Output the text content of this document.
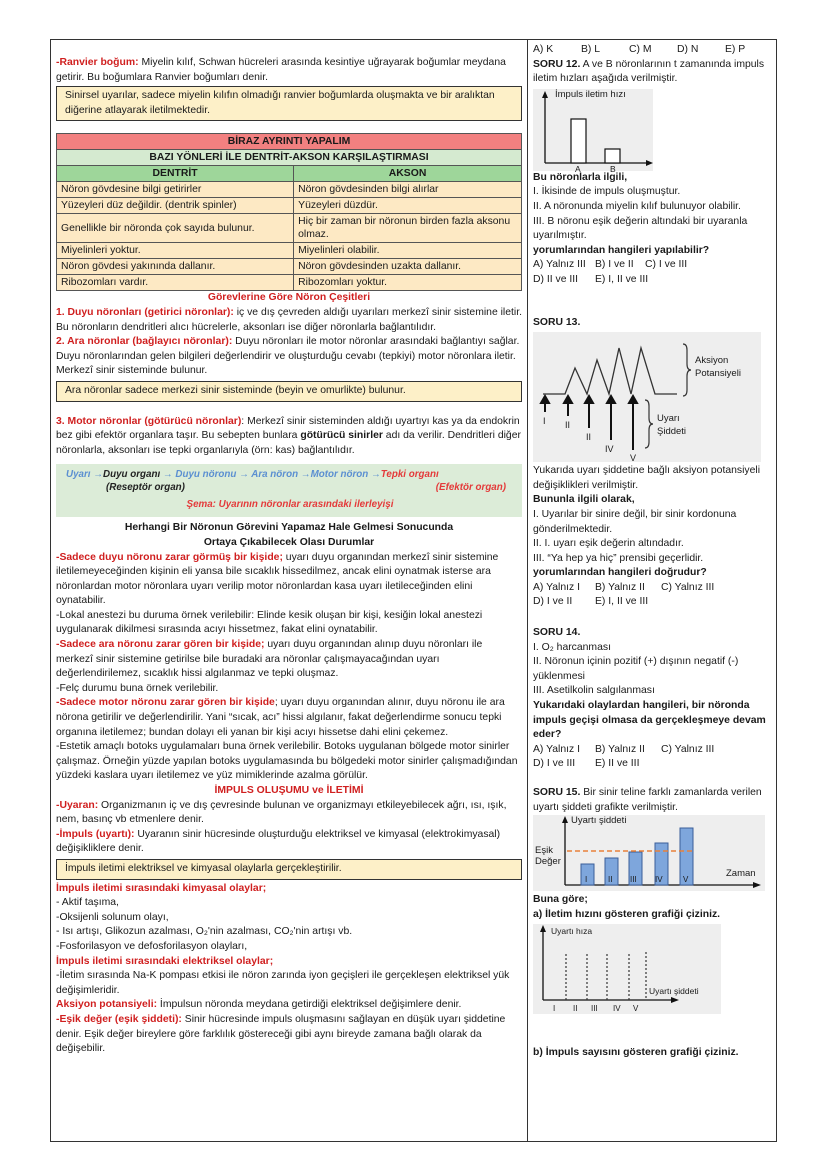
-Ranvier boğum: Miyelin kılıf, Schwan hücreleri arasında kesintiye uğrayarak boğumlar meydana getirir. Bu boğumlara Ranvier boğumları denir.

Sinirsel uyarılar, sadece miyelin kılıfın olmadığı ranvier boğumlarda oluşmakta ve bir aralıktan diğerine atlayarak iletilmektedir.
BİRAZ AYRINTI YAPALIM	
BAZI YÖNLERİ İLE DENTRİT-AKSON KARŞILAŞTIRMASI	
DENTRİT	AKSON
Nöron gövdesine bilgi getirirler	Nöron gövdesinden bilgi alırlar
Yüzeyleri düz değildir. (dentrik spinler)	Yüzeyleri düzdür.
Genellikle bir nöronda çok sayıda bulunur.	Hiç bir zaman bir nöronun birden fazla aksonu olmaz.
Miyelinleri yoktur.	Miyelinleri olabilir.
Nöron gövdesi yakınında dallanır.	Nöron gövdesinden uzakta dallanır.
Ribozomları vardır.	Ribozomları yoktur.

Görevlerine Göre Nöron Çeşitleri

1. Duyu nöronları (getirici nöronlar): iç ve dış çevreden aldığı uyarıları merkezî sinir sistemine iletir. Bu nöronların dendritleri alıcı hücrelerle, aksonları ise diğer nöronlarla bağlantılıdır.

2. Ara nöronlar (bağlayıcı nöronlar): Duyu nöronları ile motor nöronlar arasındaki bağlantıyı sağlar. Duyu nöronlarından gelen bilgileri değerlendirir ve oluşturduğu cevabı (tepkiyi) motor nöronlara iletir. Merkezî sinir sisteminde bulunur.

Ara nöronlar sadece merkezi sinir sisteminde (beyin ve omurlikte) bulunur.

3. Motor nöronlar (götürücü nöronlar): Merkezî sinir sisteminden aldığı uyartıyı kas ya da endokrin bez gibi efektör organlara taşır. Bu sebepten bunlara götürücü sinirler adı da verilir. Dendritleri diğer nöronlarla, aksonları ise tepki organlarıyla (örn: kas) bağlantılıdır.

Uyarı →Duyu organı → Duyu nöronu → Ara nöron →Motor nöron →Tepki organı
(Reseptör organ)	(Efektör organ)
Şema: Uyarının nöronlar arasındaki ilerleyişi

Herhangi Bir Nöronun Görevini Yapamaz Hale Gelmesi Sonucunda

Ortaya Çıkabilecek Olası Durumlar

-Sadece duyu nöronu zarar görmüş bir kişide; uyarı duyu organından merkezî sinir sistemine iletilemeyeceğinden kişinin eli yansa bile sıcaklık hissedilmez, ancak elini oynatmak isterse ara nöronlardan motor nöronlara uyarı verilip motor nöronlardan kasa uyarı iletileceğinden elini oynatabilir.

-Lokal anestezi bu duruma örnek verilebilir: Elinde kesik oluşan bir kişi, kesiğin lokal anestezi uygulanarak dikilmesi sırasında acıyı hissetmez, fakat elini oynatabilir.

-Sadece ara nöronu zarar gören bir kişide; uyarı duyu organından alınıp duyu nöronları ile merkezî sinir sistemine getirilse bile buradaki ara nöronlar çalışmayacağından uyarı değerlendirilemez, sıcaklık hissi algılanmaz ve tepki oluşmaz.

-Felç durumu buna örnek verilebilir.

-Sadece motor nöronu zarar gören bir kişide; uyarı duyu organından alınır, duyu nöronu ile ara nörona getirilir ve değerlendirilir. Yani “sıcak, acı” hissi algılanır, fakat değerlendirme sonucu tepki organına iletilemez; bundan dolayı eli yanan bir kişi acıyı hissetse dahi elini çekemez.

-Estetik amaçlı botoks uygulamaları buna örnek verilebilir. Botoks uygulanan bölgede motor sinirler çalışmaz. Örneğin yüzde yapılan botoks uygulamasında bu bölgedeki motor sinirler çalışmadığından yüzdeki kaslara uyarı iletilemez ve yüz mimiklerinde azalma görülür.

İMPULS OLUŞUMU ve İLETİMİ

-Uyaran: Organizmanın iç ve dış çevresinde bulunan ve organizmayı etkileyebilecek ağrı, ısı, ışık, nem, basınç vb etmenlere denir.

-İmpuls (uyartı): Uyaranın sinir hücresinde oluşturduğu elektriksel ve kimyasal (elektrokimyasal) değişikliklere denir.

İmpuls iletimi elektriksel ve kimyasal olaylarla gerçekleştirilir.

İmpuls iletimi sırasındaki kimyasal olaylar;

- Aktif taşıma,

-Oksijenli solunum olayı,

- Isı artışı, Glikozun azalması, O₂'nin azalması, CO₂'nin artışı vb.

-Fosforilasyon ve defosforilasyon olayları,

İmpuls iletimi sırasındaki elektriksel olaylar;

-İletim sırasında Na-K pompası etkisi ile nöron zarında iyon geçişleri ile gerçekleşen elektriksel yük değişimleridir.

Aksiyon potansiyeli: İmpulsun nöronda meydana getirdiği elektriksel değişimlere denir.

-Eşik değer (eşik şiddeti): Sinir hücresinde impuls oluşmasını sağlayan en düşük uyarı şiddetine denir. Eşik değer bireylere göre farklılık göstereceği gibi aynı bireyde zamana bağlı olarak da değişebilir.

A) K	B) L	C) M	D) N	E) P

SORU 12. A ve B nöronlarının t zamanında impuls iletim hızları aşağıda verilmiştir.

İmpuls iletim hızı
A	B

Bu nöronlarla ilgili,

I. İkisinde de impuls oluşmuştur.

II. A nöronunda miyelin kılıf bulunuyor olabilir.

III. B nöronu eşik değerin altındaki bir uyaranla uyarılmıştır.

yorumlarından hangileri yapılabilir?

A) Yalnız III B) I ve II C) I ve III
D) II ve III E) I, II ve III

SORU 13.

I II
II
IV
V
Aksiyon
Potansiyeli
Uyarı
Şiddeti

Yukarıda uyarı şiddetine bağlı aksiyon potansiyeli değişiklikleri verilmiştir.

Bununla ilgili olarak,

I. Uyarılar bir sinire değil, bir sinir kordonuna gönderilmektedir.

II. I. uyarı eşik değerin altındadır.

III. “Ya hep ya hiç” prensibi geçerlidir.

yorumlarından hangileri doğrudur?

A) Yalnız I B) Yalnız II C) Yalnız III
D) I ve II E) I, II ve III

SORU 14.

I. O₂ harcanması

II. Nöronun içinin pozitif (+) dışının negatif (-) yüklenmesi

III. Asetilkolin salgılanması

Yukarıdaki olaylardan hangileri, bir nöronda impuls geçişi olmasa da gerçekleşmeye devam eder?

A) Yalnız I B) Yalnız II C) Yalnız III
D) I ve III E) II ve III

SORU 15. Bir sinir teline farklı zamanlarda verilen uyartı şiddeti grafikte verilmiştir.

Uyartı şiddeti
Eşik
Değer
Zaman
I	II III IV	V

Buna göre;

a) İletim hızını gösteren grafiği çiziniz.

Uyartı hıza
Uyartı şiddeti
I II III IV V

b) İmpuls sayısını gösteren grafiği çiziniz.
